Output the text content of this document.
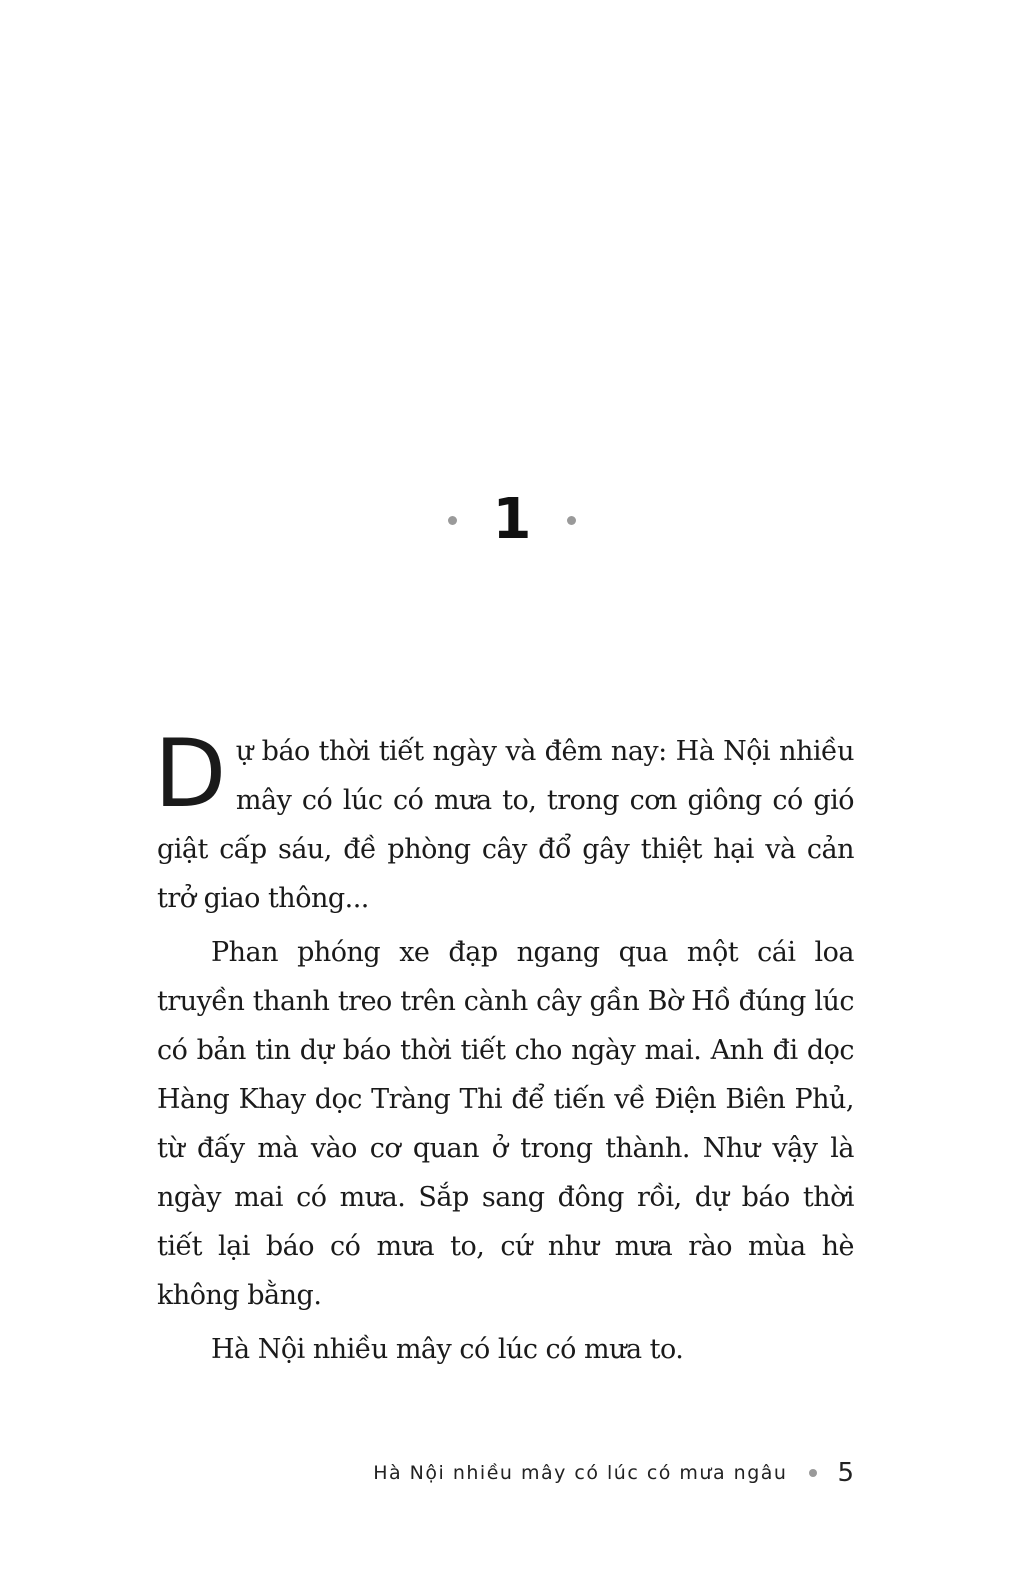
1

Dự báo thời tiết ngày và đêm nay: Hà Nội nhiều mây có lúc có mưa to, trong cơn giông có gió giật cấp sáu, đề phòng cây đổ gây thiệt hại và cản trở giao thông...

Phan phóng xe đạp ngang qua một cái loa truyền thanh treo trên cành cây gần Bờ Hồ đúng lúc có bản tin dự báo thời tiết cho ngày mai. Anh đi dọc Hàng Khay dọc Tràng Thi để tiến về Điện Biên Phủ, từ đấy mà vào cơ quan ở trong thành. Như vậy là ngày mai có mưa. Sắp sang đông rồi, dự báo thời tiết lại báo có mưa to, cứ như mưa rào mùa hè không bằng.

Hà Nội nhiều mây có lúc có mưa to.

Hà Nội nhiều mây có lúc có mưa ngâu 5
